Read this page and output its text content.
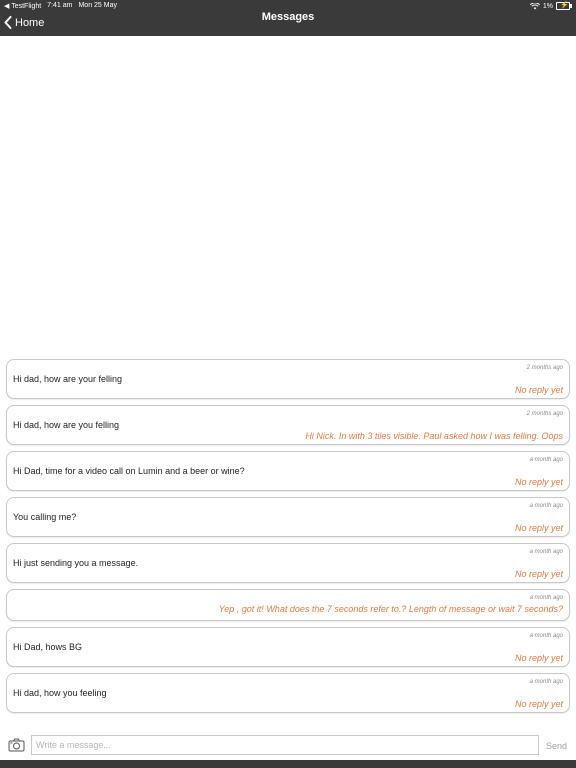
◀ TestFlight 7:41 am Mon 25 May	1% ⚡
Messages
Home
2 months ago
Hi dad, how are your felling
No reply yet
2 months ago
Hi dad, how are you felling
Hi Nick. In with 3 tiles visible. Paul asked how I was felling. Oops
a month ago
Hi Dad, time for a video call on Lumin and a beer or wine?
No reply yet
a month ago
You calling me?
No reply yet
a month ago
Hi just sending you a message.
No reply yet
a month ago
Yep , got it! What does the 7 seconds refer to.? Length of message or wait 7 seconds?
a month ago
Hi Dad, hows BG
No reply yet
a month ago
Hi dad, how you feeling
No reply yet
Write a message...
Send
